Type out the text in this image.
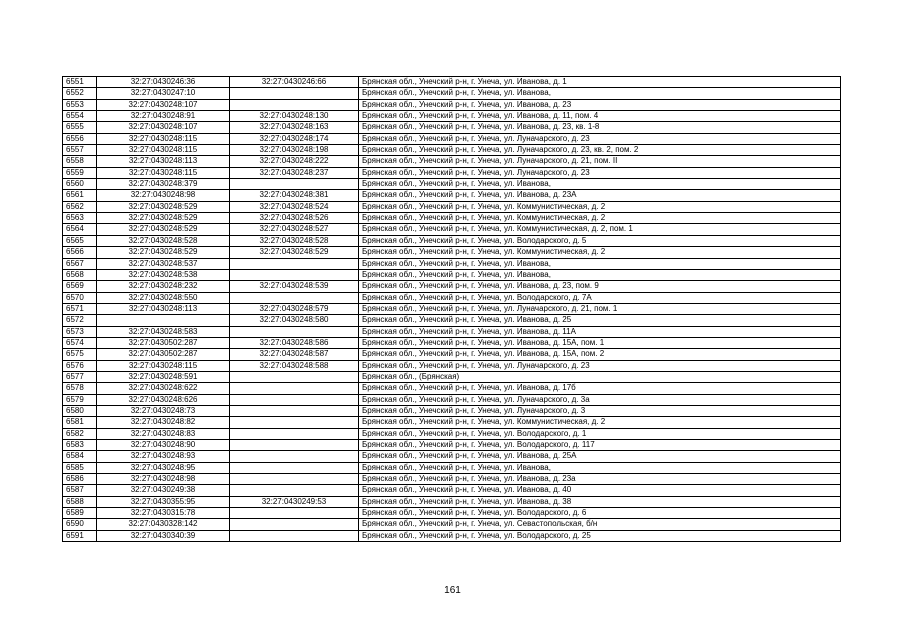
6551	32:27:0430246:36	32:27:0430246:66	Брянская обл., Унечский р-н, г. Унеча, ул. Иванова, д. 1
6552	32:27:0430247:10		Брянская обл., Унечский р-н, г. Унеча, ул. Иванова,
6553	32:27:0430248:107		Брянская обл., Унечский р-н, г. Унеча, ул. Иванова, д. 23
6554	32:27:0430248:91	32:27:0430248:130	Брянская обл., Унечский р-н, г. Унеча, ул. Иванова, д. 11, пом. 4
6555	32:27:0430248:107	32:27:0430248:163	Брянская обл., Унечский р-н, г. Унеча, ул. Иванова, д. 23, кв. 1-8
6556	32:27:0430248:115	32:27:0430248:174	Брянская обл., Унечский р-н, г. Унеча, ул. Луначарского, д. 23
6557	32:27:0430248:115	32:27:0430248:198	Брянская обл., Унечский р-н, г. Унеча, ул. Луначарского, д. 23, кв. 2, пом. 2
6558	32:27:0430248:113	32:27:0430248:222	Брянская обл., Унечский р-н, г. Унеча, ул. Луначарского, д. 21, пом. II
6559	32:27:0430248:115	32:27:0430248:237	Брянская обл., Унечский р-н, г. Унеча, ул. Луначарского, д. 23
6560	32:27:0430248:379		Брянская обл., Унечский р-н, г. Унеча, ул. Иванова,
6561	32:27:0430248:98	32:27:0430248:381	Брянская обл., Унечский р-н, г. Унеча, ул. Иванова, д. 23А
6562	32:27:0430248:529	32:27:0430248:524	Брянская обл., Унечский р-н, г. Унеча, ул. Коммунистическая, д. 2
6563	32:27:0430248:529	32:27:0430248:526	Брянская обл., Унечский р-н, г. Унеча, ул. Коммунистическая, д. 2
6564	32:27:0430248:529	32:27:0430248:527	Брянская обл., Унечский р-н, г. Унеча, ул. Коммунистическая, д. 2, пом. 1
6565	32:27:0430248:528	32:27:0430248:528	Брянская обл., Унечский р-н, г. Унеча, ул. Володарского, д. 5
6566	32:27:0430248:529	32:27:0430248:529	Брянская обл., Унечский р-н, г. Унеча, ул. Коммунистическая, д. 2
6567	32:27:0430248:537		Брянская обл., Унечский р-н, г. Унеча, ул. Иванова,
6568	32:27:0430248:538		Брянская обл., Унечский р-н, г. Унеча, ул. Иванова,
6569	32:27:0430248:232	32:27:0430248:539	Брянская обл., Унечский р-н, г. Унеча, ул. Иванова, д. 23, пом. 9
6570	32:27:0430248:550		Брянская обл., Унечский р-н, г. Унеча, ул. Володарского, д. 7А
6571	32:27:0430248:113	32:27:0430248:579	Брянская обл., Унечский р-н, г. Унеча, ул. Луначарского, д. 21, пом. 1
6572		32:27:0430248:580	Брянская обл., Унечский р-н, г. Унеча, ул. Иванова, д. 25
6573	32:27:0430248:583		Брянская обл., Унечский р-н, г. Унеча, ул. Иванова, д. 11А
6574	32:27:0430502:287	32:27:0430248:586	Брянская обл., Унечский р-н, г. Унеча, ул. Иванова, д. 15А, пом. 1
6575	32:27:0430502:287	32:27:0430248:587	Брянская обл., Унечский р-н, г. Унеча, ул. Иванова, д. 15А, пом. 2
6576	32:27:0430248:115	32:27:0430248:588	Брянская обл., Унечский р-н, г. Унеча, ул. Луначарского, д. 23
6577	32:27:0430248:591		Брянская обл., (Брянская)
6578	32:27:0430248:622		Брянская обл., Унечский р-н, г. Унеча, ул. Иванова, д. 17б
6579	32:27:0430248:626		Брянская обл., Унечский р-н, г. Унеча, ул. Луначарского, д. 3а
6580	32:27:0430248:73		Брянская обл., Унечский р-н, г. Унеча, ул. Луначарского, д. 3
6581	32:27:0430248:82		Брянская обл., Унечский р-н, г. Унеча, ул. Коммунистическая, д. 2
6582	32:27:0430248:83		Брянская обл., Унечский р-н, г. Унеча, ул. Володарского, д. 1
6583	32:27:0430248:90		Брянская обл., Унечский р-н, г. Унеча, ул. Володарского, д. 117
6584	32:27:0430248:93		Брянская обл., Унечский р-н, г. Унеча, ул. Иванова, д. 25А
6585	32:27:0430248:95		Брянская обл., Унечский р-н, г. Унеча, ул. Иванова,
6586	32:27:0430248:98		Брянская обл., Унечский р-н, г. Унеча, ул. Иванова, д. 23а
6587	32:27:0430249:38		Брянская обл., Унечский р-н, г. Унеча, ул. Иванова, д. 40
6588	32:27:0430355:95	32:27:0430249:53	Брянская обл., Унечский р-н, г. Унеча, ул. Иванова, д. 38
6589	32:27:0430315:78		Брянская обл., Унечский р-н, г. Унеча, ул. Володарского, д. 6
6590	32:27:0430328:142		Брянская обл., Унечский р-н, г. Унеча, ул. Севастопольская, б/н
6591	32:27:0430340:39		Брянская обл., Унечский р-н, г. Унеча, ул. Володарского, д. 25
161
